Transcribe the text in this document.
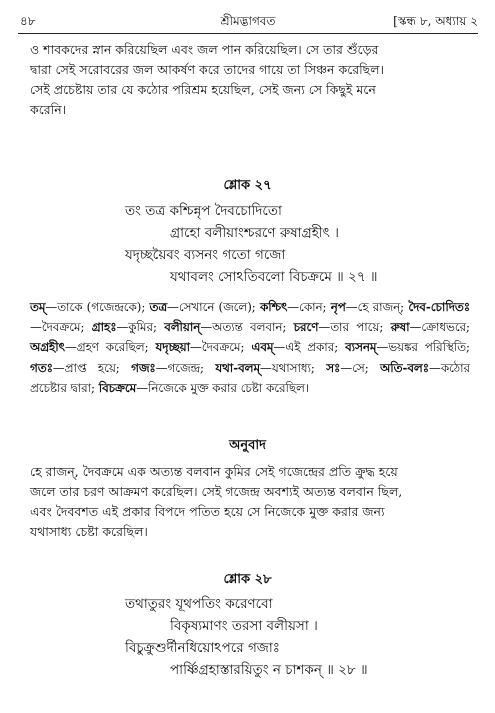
৪৮	শ্রীমদ্ভাগবত	[স্কন্ধ ৮, অধ্যায় ২
ও শাবকদের স্নান করিয়েছিল এবং জল পান করিয়েছিল। সে তার শুঁড়ের
দ্বারা সেই সরোবরের জল আকর্ষণ করে তাদের গায়ে তা সিঞ্চন করেছিল।
সেই প্রচেষ্টায় তার যে কঠোর পরিশ্রম হয়েছিল, সেই জন্য সে কিছুই মনে
করেনি।
শ্লোক ২৭
তং তত্র কশ্চিন্নৃপ দৈবচোদিতো
গ্রাহো বলীয়াংশ্চরণে রুষাগ্রহীৎ ।
যদৃচ্ছয়ৈবং ব্যসনং গতো গজো
যথাবলং সোঽতিবলো বিচক্রমে ॥ ২৭ ॥
তম্—তাকে (গজেন্দ্রকে); তত্র—সেখানে (জলে); কশ্চিৎ—কোন; নৃপ—হে রাজন্; দৈব-চোদিতঃ—দৈবক্রমে; গ্রাহঃ—কুমির; বলীয়ান্—অত্যন্ত বলবান; চরণে—তার পায়ে; রুষা—ক্রোধভরে; অগ্রহীৎ—গ্রহণ করেছিল; যদৃচ্ছয়া—দৈবক্রমে; এবম্—এই প্রকার; ব্যসনম্—ভয়ঙ্কর পরিস্থিতি; গতঃ—প্রাপ্ত হয়ে; গজঃ—গজেন্দ্র; যথা-বলম্—যথাসাধ্য; সঃ—সে; অতি-বলঃ—কঠোর প্রচেষ্টার দ্বারা; বিচক্রমে—নিজেকে মুক্ত করার চেষ্টা করেছিল।
অনুবাদ
হে রাজন্, দৈবক্রমে এক অত্যন্ত বলবান কুমির সেই গজেন্দ্রের প্রতি ক্রুদ্ধ হয়ে
জলে তার চরণ আক্রমণ করেছিল। সেই গজেন্দ্র অবশ্যই অত্যন্ত বলবান ছিল,
এবং দৈববশত এই প্রকার বিপদে পতিত হয়ে সে নিজেকে মুক্ত করার জন্য
যথাসাধ্য চেষ্টা করেছিল।
শ্লোক ২৮
তথাতুরং যূথপতিং করেণবো
বিকৃষ্যমাণং তরসা বলীয়সা ।
বিচুক্রুশুর্দীনধিয়োঽপরে গজাঃ
পার্ষ্ণিগ্রহাস্তারয়িতুং ন চাশকন্ ॥ ২৮ ॥
